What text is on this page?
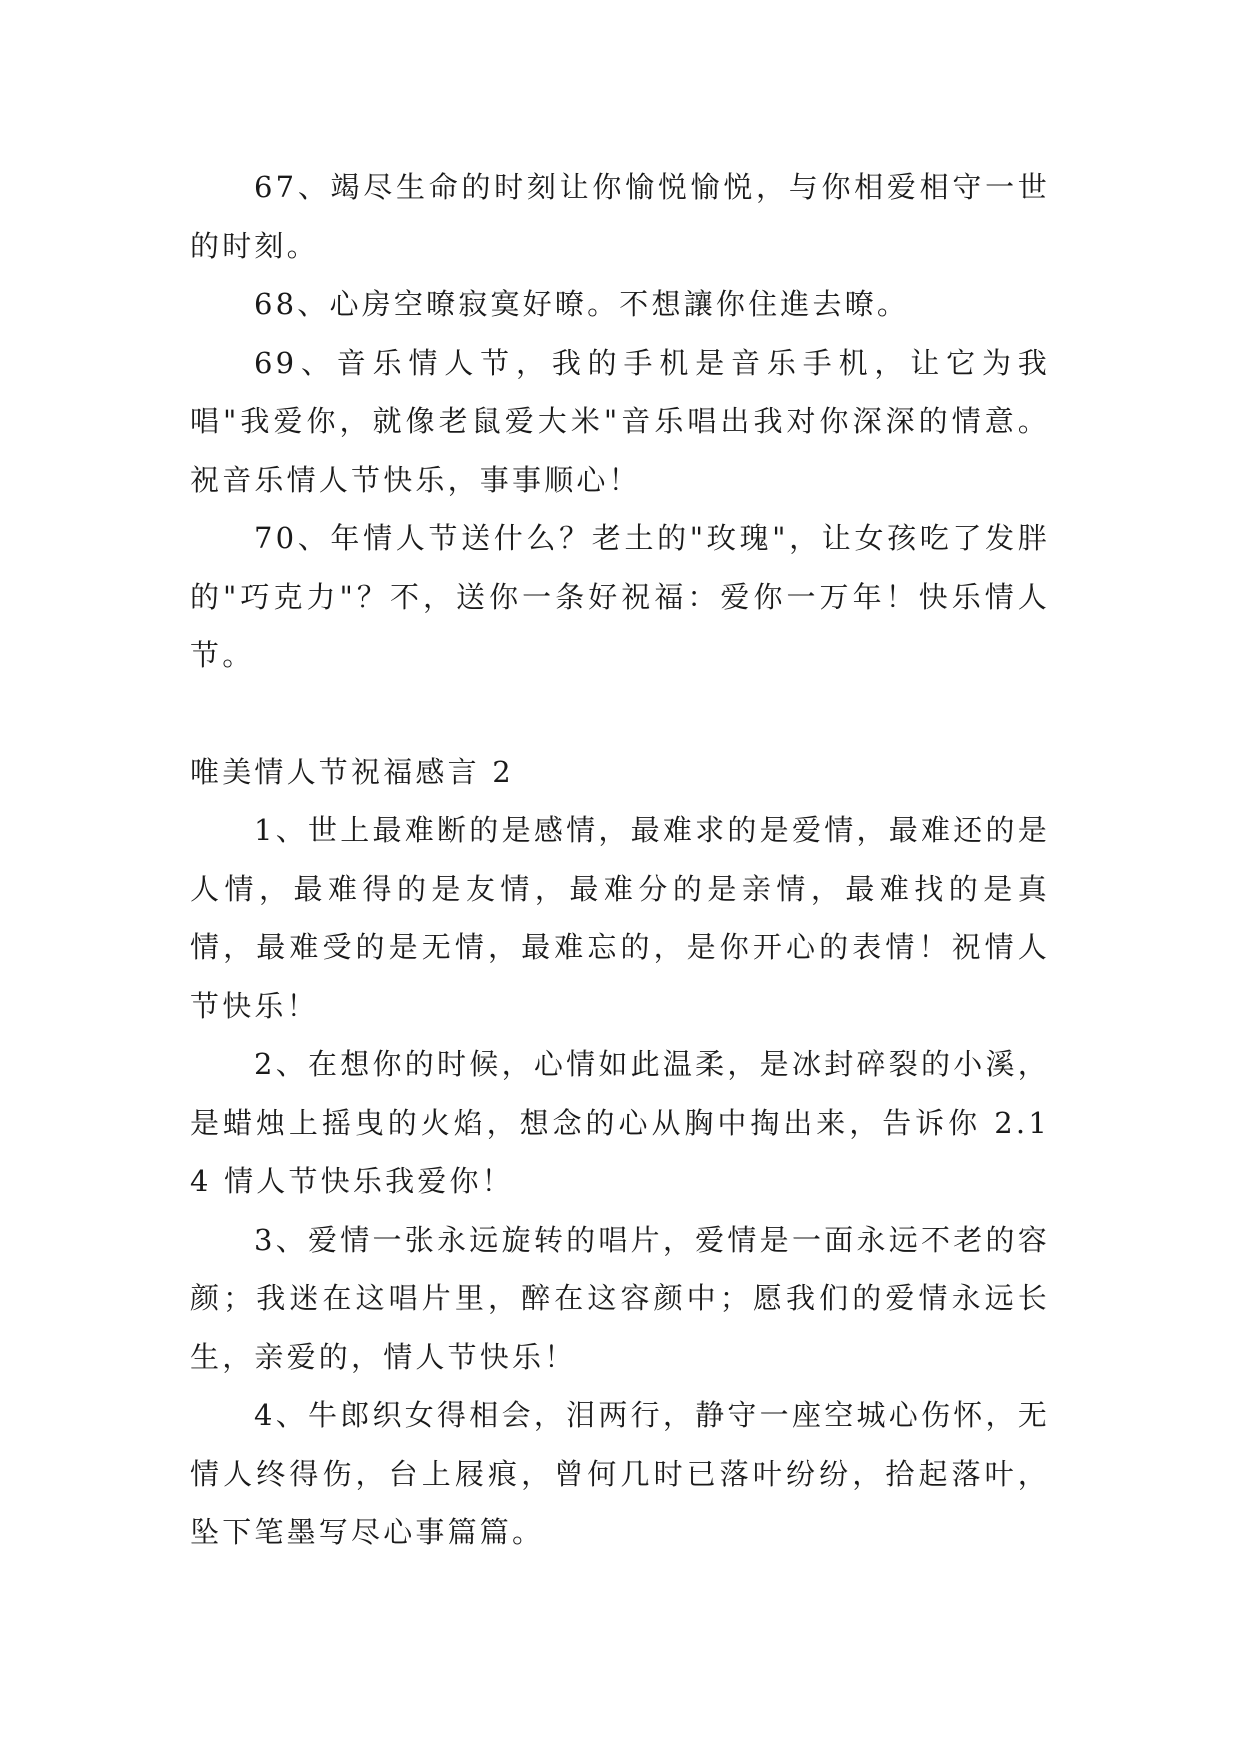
67、竭尽生命的时刻让你愉悦愉悦，与你相爱相守一世的时刻。

68、心房空暸寂寞好暸。不想讓你住進去暸。

69、音乐情人节，我的手机是音乐手机，让它为我唱"我爱你，就像老鼠爱大米"音乐唱出我对你深深的情意。祝音乐情人节快乐，事事顺心！

70、年情人节送什么？老土的"玫瑰"，让女孩吃了发胖的"巧克力"？不，送你一条好祝福：爱你一万年！快乐情人节。

唯美情人节祝福感言 2

1、世上最难断的是感情，最难求的是爱情，最难还的是人情，最难得的是友情，最难分的是亲情，最难找的是真情，最难受的是无情，最难忘的，是你开心的表情！祝情人节快乐！

2、在想你的时候，心情如此温柔，是冰封碎裂的小溪，是蜡烛上摇曳的火焰，想念的心从胸中掏出来，告诉你 2.14 情人节快乐我爱你！

3、爱情一张永远旋转的唱片，爱情是一面永远不老的容颜；我迷在这唱片里，醉在这容颜中；愿我们的爱情永远长生，亲爱的，情人节快乐！

4、牛郎织女得相会，泪两行，静守一座空城心伤怀，无情人终得伤，台上屐痕，曾何几时已落叶纷纷，拾起落叶，坠下笔墨写尽心事篇篇。
